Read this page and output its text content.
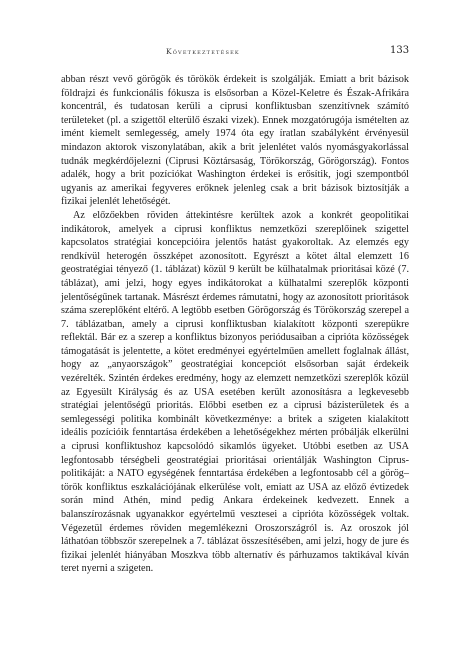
Következtetések	133

abban részt vevő görögök és törökök érdekeit is szolgálják. Emiatt a brit bázisok földrajzi és funkcionális fókusza is elsősorban a Közel-Keletre és Észak-Afrikára koncentrál, és tudatosan kerüli a ciprusi konfliktusban szenzitívnek számító területeket (pl. a szigettől elterülő északi vizek). Ennek mozgatórugója ismételten az imént kiemelt semlegesség, amely 1974 óta egy íratlan szabályként érvényesül mindazon aktorok viszonylatában, akik a brit jelenlétet valós nyomásgyakorlással tudnák megkérdőjelezni (Ciprusi Köztársaság, Törökország, Görögország). Fontos adalék, hogy a brit pozíciókat Washington érdekei is erősítik, jogi szempontból ugyanis az amerikai fegyveres erőknek jelenleg csak a brit bázisok biztosítják a fizikai jelenlét lehetőségét.

Az előzőekben röviden áttekintésre kerültek azok a konkrét geopolitikai indikátorok, amelyek a ciprusi konfliktus nemzetközi szereplőinek szigettel kapcsolatos stratégiai koncepcióira jelentős hatást gyakoroltak. Az elemzés egy rendkívül heterogén összképet azonosított. Egyrészt a kötet által elemzett 16 geostratégiai tényező (1. táblázat) közül 9 került be külhatalmak prioritásai közé (7. táblázat), ami jelzi, hogy egyes indikátorokat a külhatalmi szereplők központi jelentőségűnek tartanak. Másrészt érdemes rámutatni, hogy az azonosított prioritások száma szereplőként eltérő. A legtöbb esetben Görögország és Törökország szerepel a 7. táblázatban, amely a ciprusi konfliktusban kialakított központi szerepükre reflektál. Bár ez a szerep a konfliktus bizonyos periódusaiban a ciprióta közösségek támogatását is jelentette, a kötet eredményei egyértelműen amellett foglalnak állást, hogy az „anyaországok” geostratégiai koncepciót elsősorban saját érdekeik vezérelték. Szintén érdekes eredmény, hogy az elemzett nemzetközi szereplők közül az Egyesült Királyság és az USA esetében került azonosításra a legkevesebb stratégiai jelentőségű prioritás. Előbbi esetben ez a ciprusi bázisterületek és a semlegességi politika kombinált következménye: a britek a szigeten kialakított ideális pozícióik fenntartása érdekében a lehetőségekhez mérten próbálják elkerülni a ciprusi konfliktushoz kapcsolódó sikamlós ügyeket. Utóbbi esetben az USA legfontosabb térségbeli geostratégiai prioritásai orientálják Washington Ciprus-politikáját: a NATO egységének fenntartása érdekében a legfontosabb cél a görög–török konfliktus eszkalációjának elkerülése volt, emiatt az USA az előző évtizedek során mind Athén, mind pedig Ankara érdekeinek kedvezett. Ennek a balanszírozásnak ugyanakkor egyértelmű vesztesei a ciprióta közösségek voltak. Végezetül érdemes röviden megemlékezni Oroszországról is. Az oroszok jól láthatóan többször szerepelnek a 7. táblázat összesítésében, ami jelzi, hogy de jure és fizikai jelenlét hiányában Moszkva több alternatív és párhuzamos taktikával kíván teret nyerni a szigeten.
